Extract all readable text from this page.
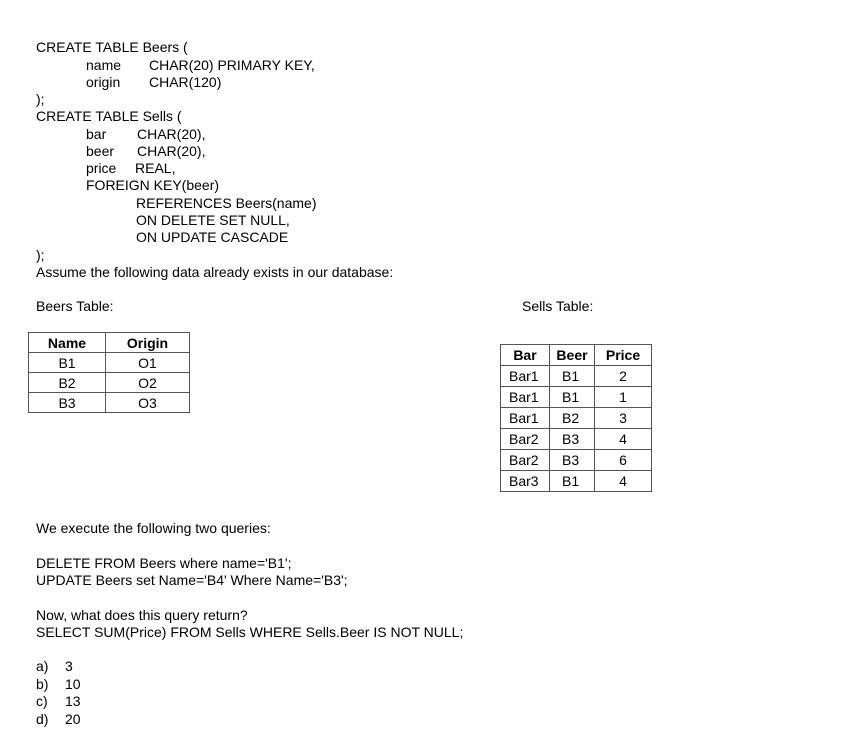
CREATE TABLE Beers (
name CHAR(20) PRIMARY KEY,
origin CHAR(120)
);
CREATE TABLE Sells (
bar CHAR(20),
beer CHAR(20),
price REAL,
FOREIGN KEY(beer)
REFERENCES Beers(name)
ON DELETE SET NULL,
ON UPDATE CASCADE
);
Assume the following data already exists in our database:
Beers Table:	Sells Table:
Name	Origin
B1	O1
B2	O2
B3	O3
Bar	Beer	Price
Bar1	B1	2
Bar1	B1	1
Bar1	B2	3
Bar2	B3	4
Bar2	B3	6
Bar3	B1	4
We execute the following two queries:
DELETE FROM Beers where name='B1';
UPDATE Beers set Name='B4' Where Name='B3';
Now, what does this query return?
SELECT SUM(Price) FROM Sells WHERE Sells.Beer IS NOT NULL;
a) 3
b) 10
c) 13
d) 20
